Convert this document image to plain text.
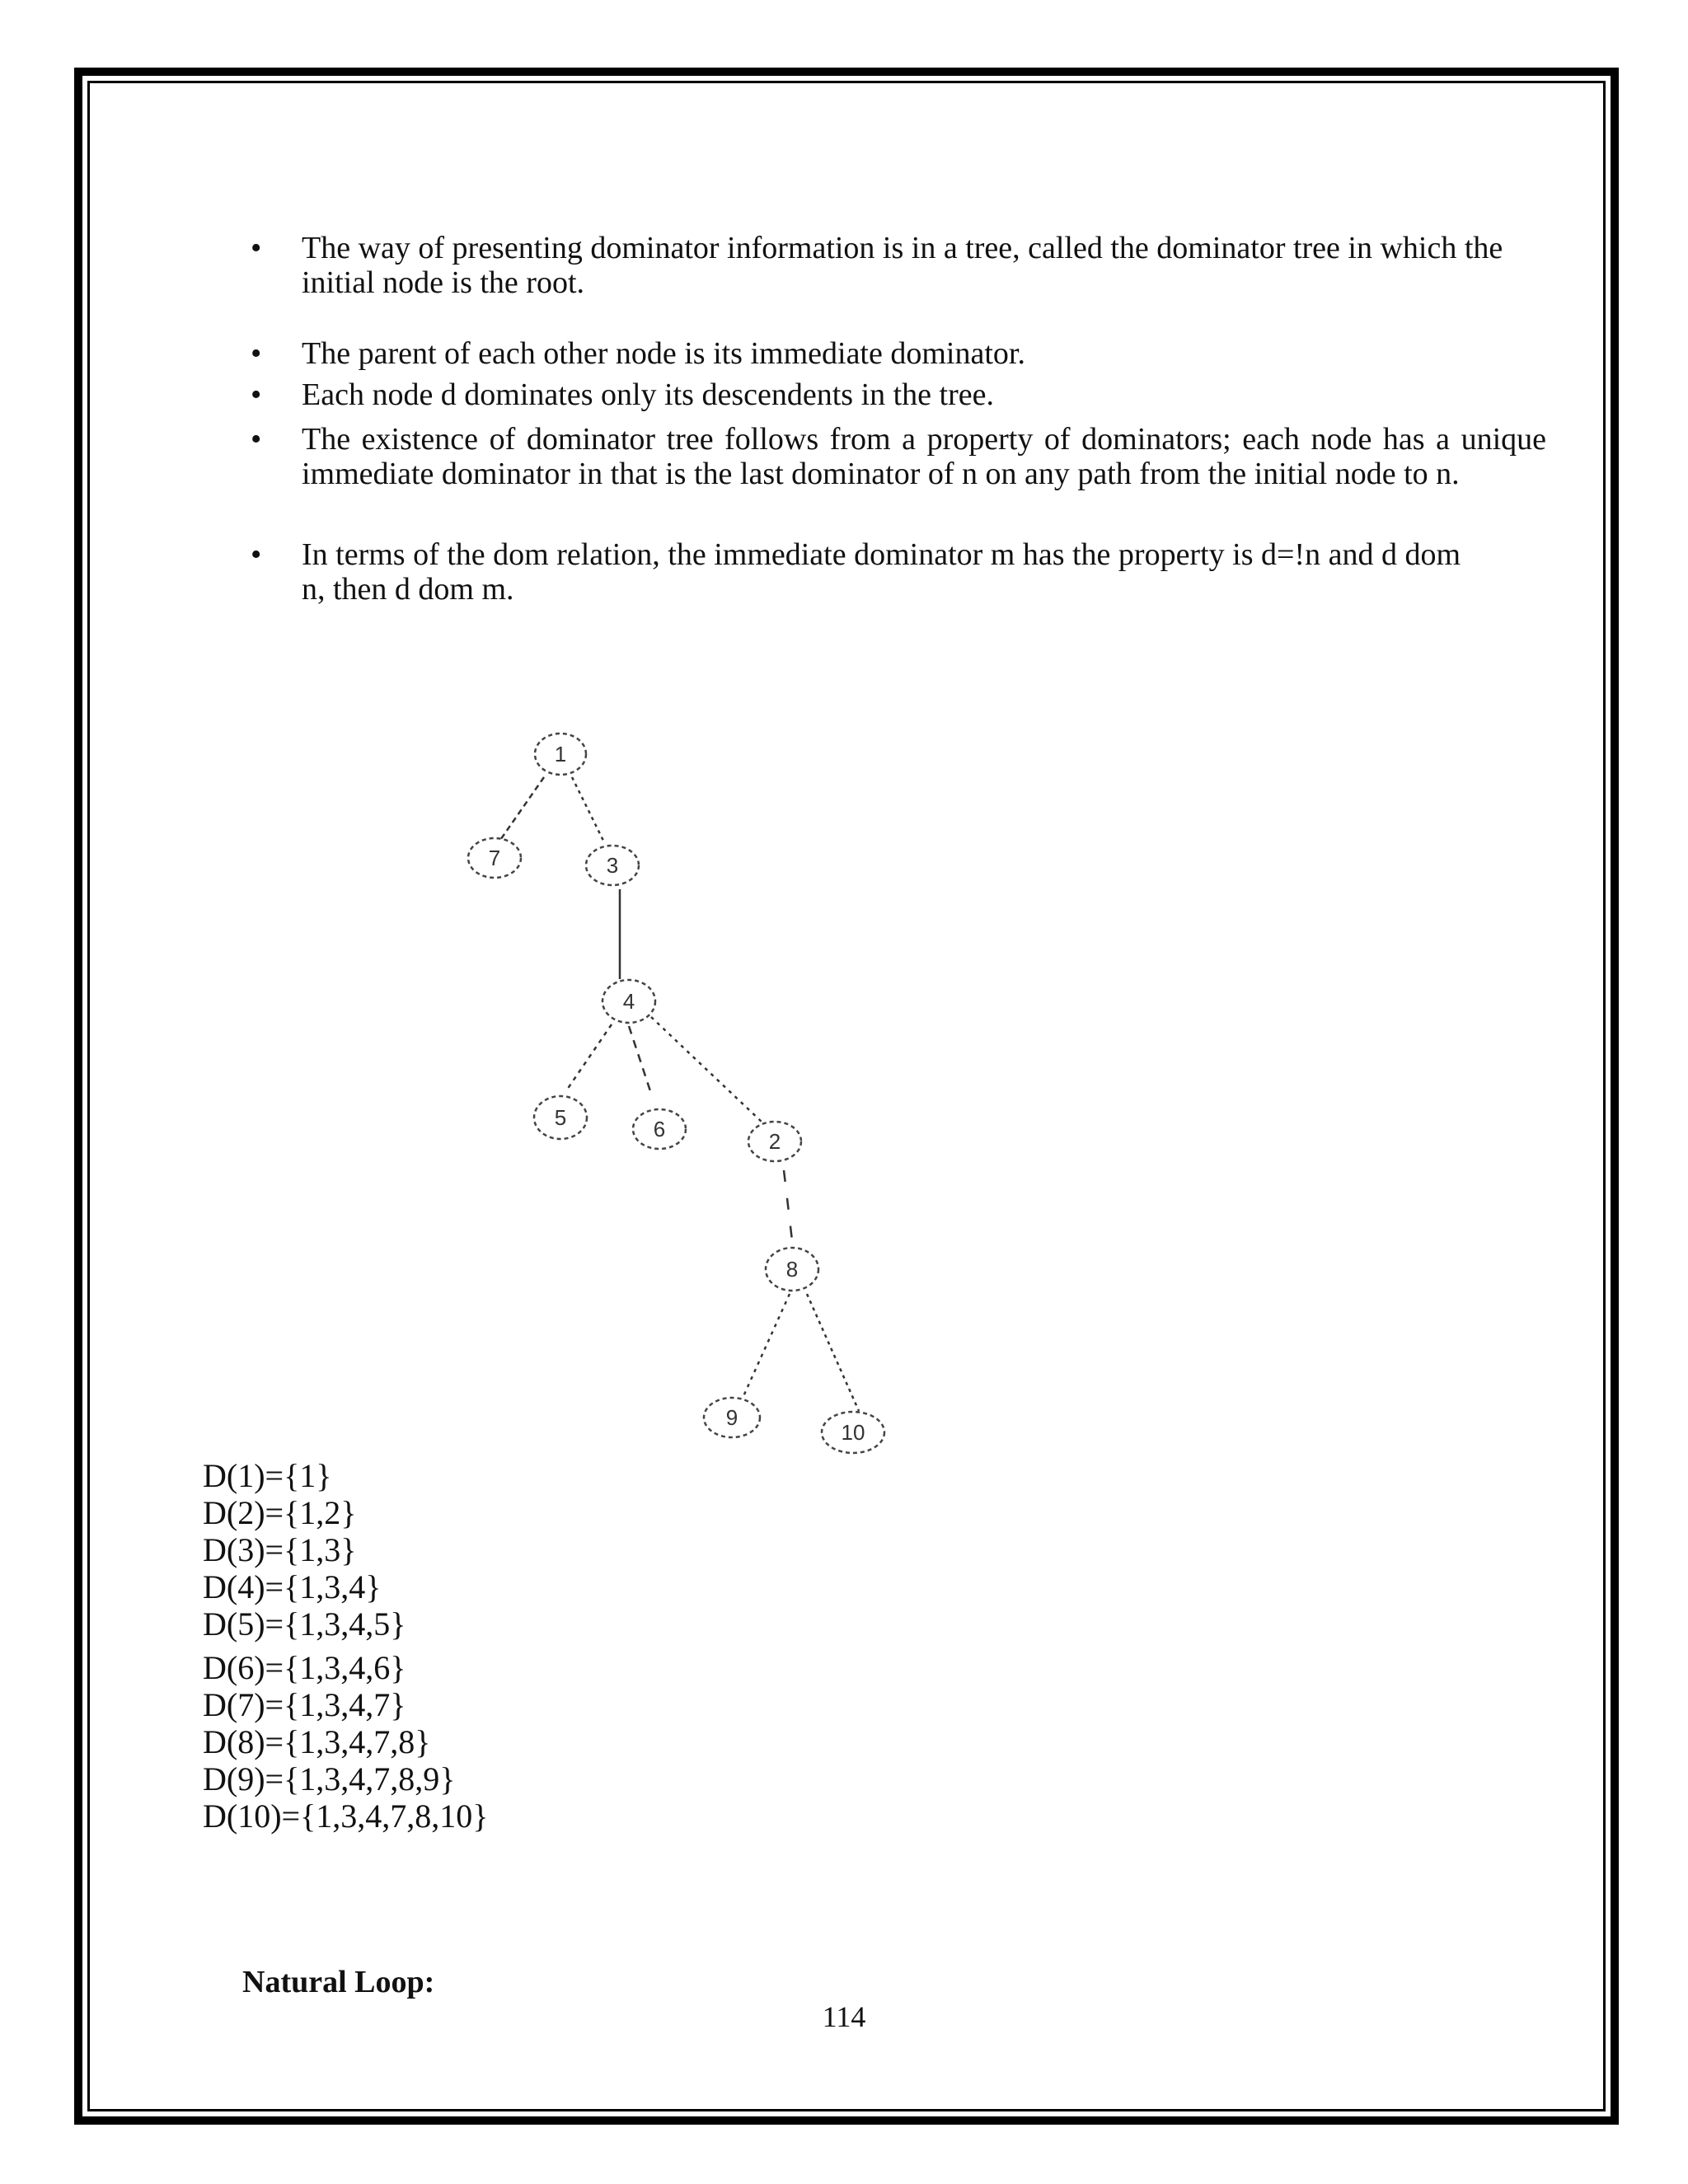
• The way of presenting dominator information is in a tree, called the dominator tree in which the initial node is the root.
• The parent of each other node is its immediate dominator.
• Each node d dominates only its descendents in the tree.
• The existence of dominator tree follows from a property of dominators; each node has a unique immediate dominator in that is the last dominator of n on any path from the initial node to n.
• In terms of the dom relation, the immediate dominator m has the property is d=!n and d dom n, then d dom m.
1
7	3
4
5	6	2
8
9
10
D(1)={1}
D(2)={1,2}
D(3)={1,3}
D(4)={1,3,4}
D(5)={1,3,4,5}
D(6)={1,3,4,6}
D(7)={1,3,4,7}
D(8)={1,3,4,7,8}
D(9)={1,3,4,7,8,9}
D(10)={1,3,4,7,8,10}
Natural Loop:
114
